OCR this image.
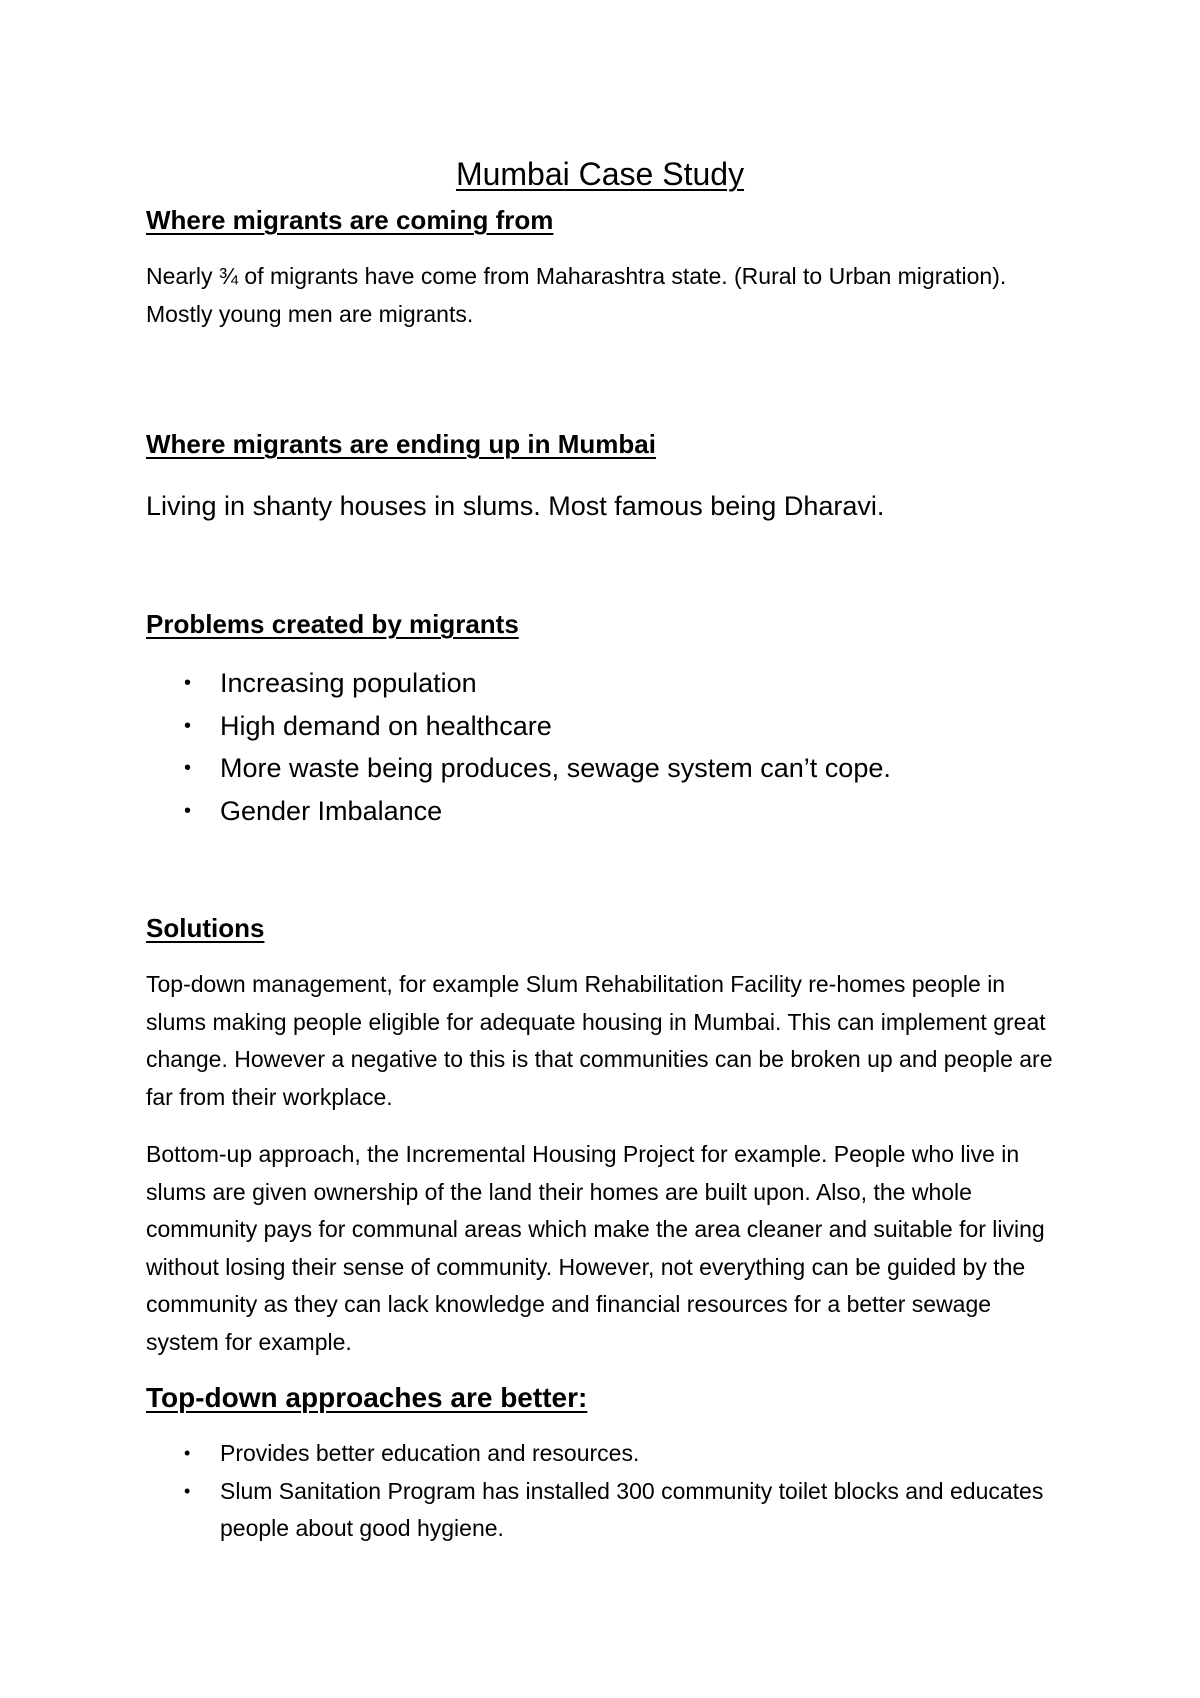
Mumbai Case Study
Where migrants are coming from

Nearly ¾ of migrants have come from Maharashtra state. (Rural to Urban migration). Mostly young men are migrants.

Where migrants are ending up in Mumbai

Living in shanty houses in slums. Most famous being Dharavi.

Problems created by migrants
• Increasing population
• High demand on healthcare
• More waste being produces, sewage system can’t cope.
• Gender Imbalance
Solutions

Top-down management, for example Slum Rehabilitation Facility re-homes people in slums making people eligible for adequate housing in Mumbai. This can implement great change. However a negative to this is that communities can be broken up and people are far from their workplace.

Bottom-up approach, the Incremental Housing Project for example. People who live in slums are given ownership of the land their homes are built upon. Also, the whole community pays for communal areas which make the area cleaner and suitable for living without losing their sense of community. However, not everything can be guided by the community as they can lack knowledge and financial resources for a better sewage system for example.

Top-down approaches are better:
• Provides better education and resources.
• Slum Sanitation Program has installed 300 community toilet blocks and educates people about good hygiene.
